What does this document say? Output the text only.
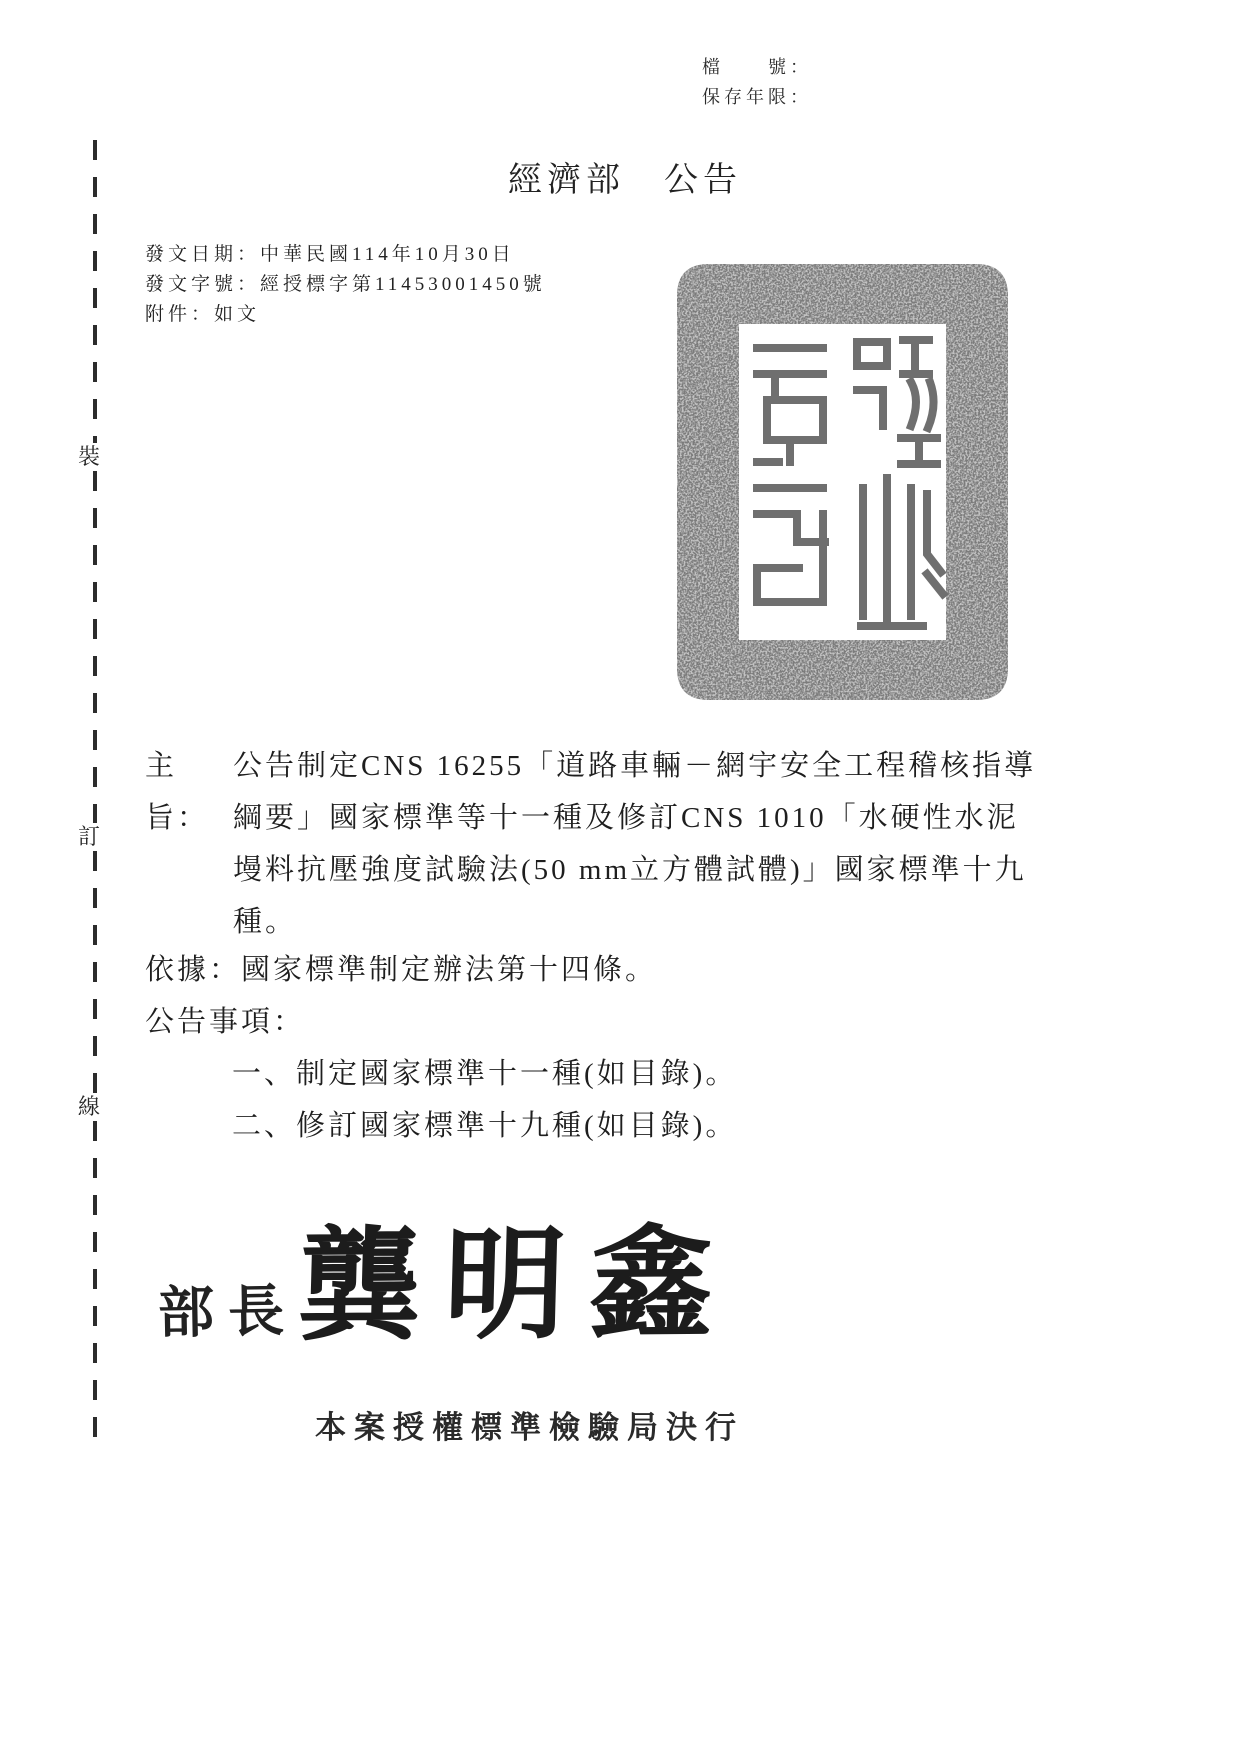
檔　　號：
保存年限：
裝
訂
線
經濟部　公告
發文日期：中華民國114年10月30日
發文字號：經授標字第11453001450號
附件：如文
主旨：
公告制定CNS 16255「道路車輛－網宇安全工程稽核指導
綱要」國家標準等十一種及修訂CNS 1010「水硬性水泥
墁料抗壓強度試驗法(50 mm立方體試體)」國家標準十九
種。
依據：國家標準制定辦法第十四條。
公告事項：
一、制定國家標準十一種(如目錄)。
二、修訂國家標準十九種(如目錄)。
部長
龔明鑫
本案授權標準檢驗局決行
